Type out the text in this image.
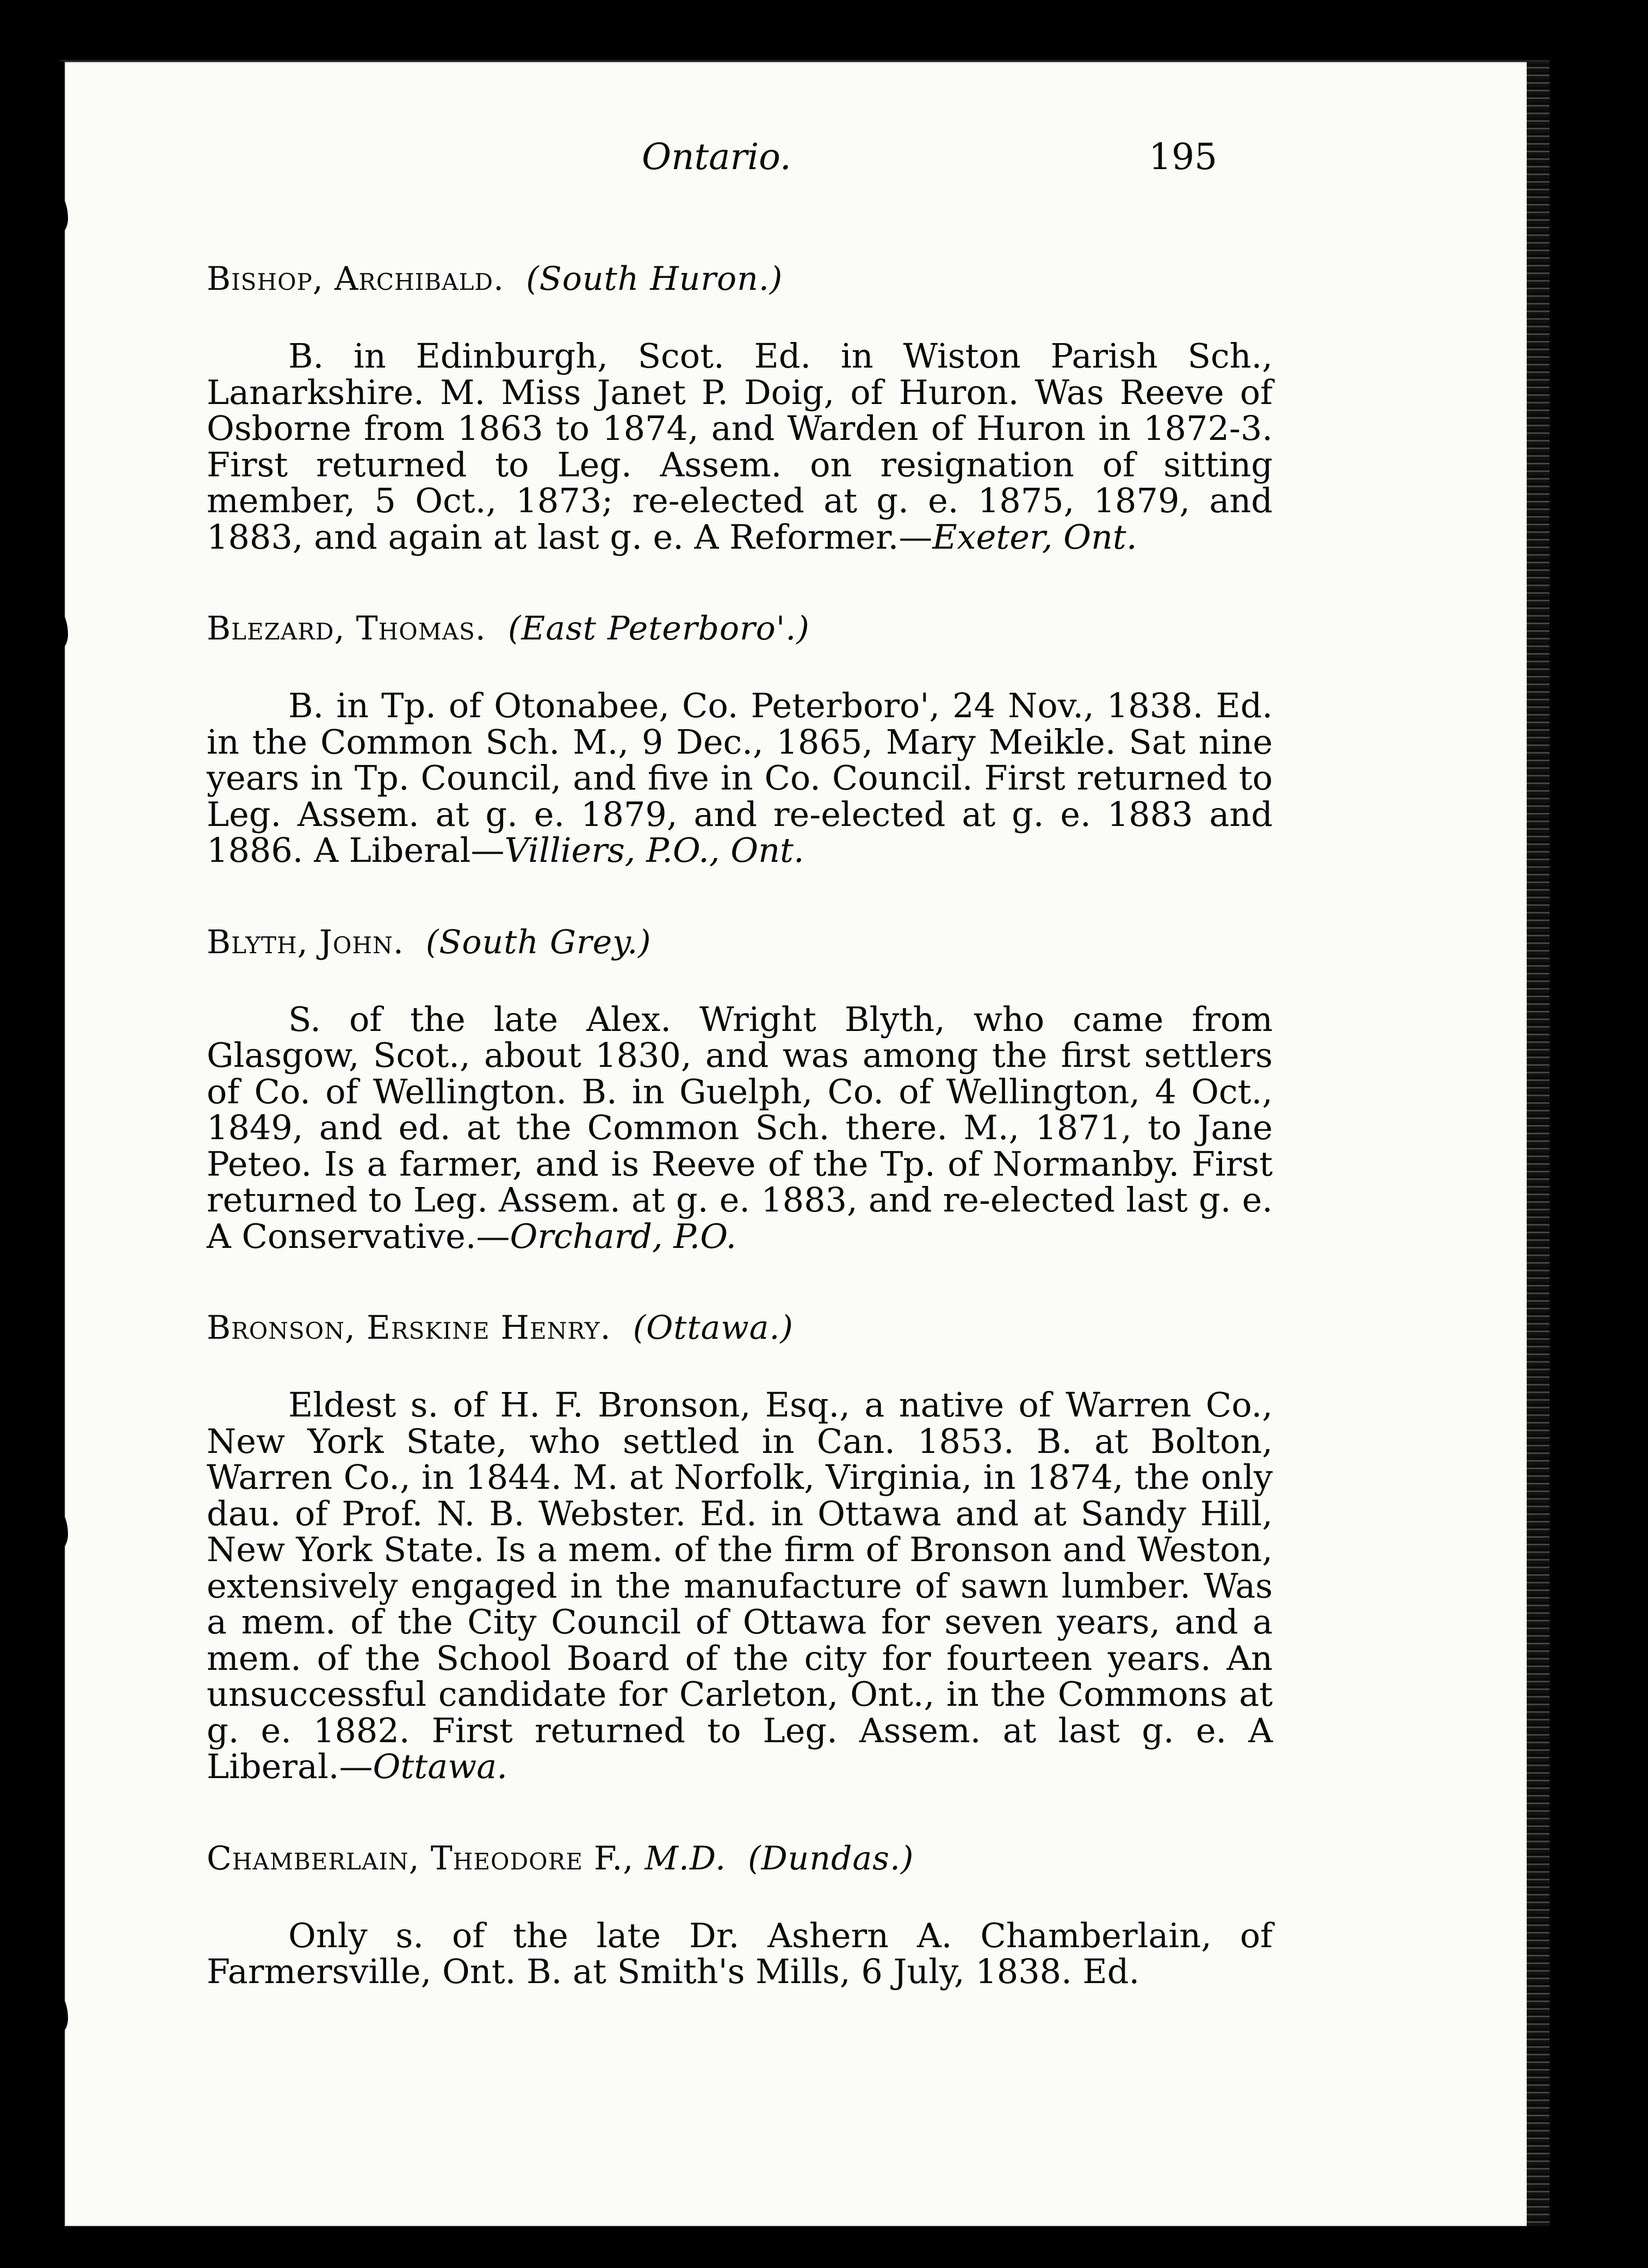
Ontario.	195
Bishop, Archibald.  (South Huron.)

B. in Edinburgh, Scot. Ed. in Wiston Parish Sch., Lanarkshire. M. Miss Janet P. Doig, of Huron. Was Reeve of Osborne from 1863 to 1874, and Warden of Huron in 1872-3. First returned to Leg. Assem. on resignation of sitting member, 5 Oct., 1873; re-elected at g. e. 1875, 1879, and 1883, and again at last g. e. A Reformer.—Exeter, Ont.

Blezard, Thomas.  (East Peterboro'.)

B. in Tp. of Otonabee, Co. Peterboro', 24 Nov., 1838. Ed. in the Common Sch. M., 9 Dec., 1865, Mary Meikle. Sat nine years in Tp. Council, and five in Co. Council. First returned to Leg. Assem. at g. e. 1879, and re-elected at g. e. 1883 and 1886. A Liberal—Villiers, P.O., Ont.

Blyth, John.  (South Grey.)

S. of the late Alex. Wright Blyth, who came from Glasgow, Scot., about 1830, and was among the first settlers of Co. of Wellington. B. in Guelph, Co. of Wellington, 4 Oct., 1849, and ed. at the Common Sch. there. M., 1871, to Jane Peteo. Is a farmer, and is Reeve of the Tp. of Normanby. First returned to Leg. Assem. at g. e. 1883, and re-elected last g. e. A Conservative.—Orchard, P.O.

Bronson, Erskine Henry.  (Ottawa.)

Eldest s. of H. F. Bronson, Esq., a native of Warren Co., New York State, who settled in Can. 1853. B. at Bolton, Warren Co., in 1844. M. at Norfolk, Virginia, in 1874, the only dau. of Prof. N. B. Webster. Ed. in Ottawa and at Sandy Hill, New York State. Is a mem. of the firm of Bronson and Weston, extensively engaged in the manufacture of sawn lumber. Was a mem. of the City Council of Ottawa for seven years, and a mem. of the School Board of the city for fourteen years. An unsuccessful candidate for Carleton, Ont., in the Commons at g. e. 1882. First returned to Leg. Assem. at last g. e. A Liberal.—Ottawa.

Chamberlain, Theodore F., M.D. (Dundas.)

Only s. of the late Dr. Ashern A. Chamberlain, of Farmersville, Ont. B. at Smith's Mills, 6 July, 1838. Ed.
